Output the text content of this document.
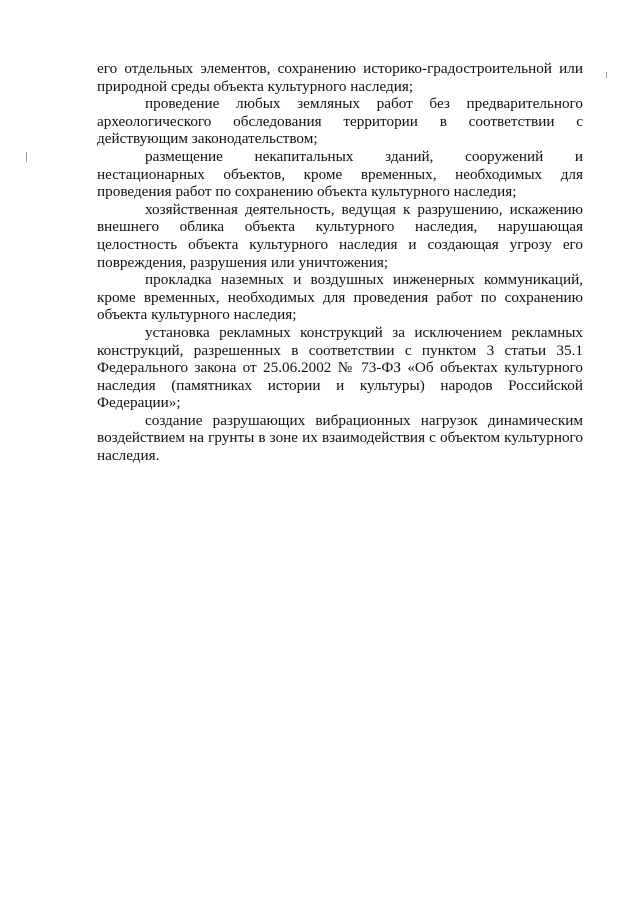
его отдельных элементов, сохранению историко-градостроительной или природной среды объекта культурного наследия;

проведение любых земляных работ без предварительного археологического обследования территории в соответствии с действующим законодательством;

размещение некапитальных зданий, сооружений и нестационарных объектов, кроме временных, необходимых для проведения работ по сохранению объекта культурного наследия;

хозяйственная деятельность, ведущая к разрушению, искажению внешнего облика объекта культурного наследия, нарушающая целостность объекта культурного наследия и создающая угрозу его повреждения, разрушения или уничтожения;

прокладка наземных и воздушных инженерных коммуникаций, кроме временных, необходимых для проведения работ по сохранению объекта культурного наследия;

установка рекламных конструкций за исключением рекламных конструкций, разрешенных в соответствии с пунктом 3 статьи 35.1 Федерального закона от 25.06.2002 № 73-ФЗ «Об объектах культурного наследия (памятниках истории и культуры) народов Российской Федерации»;

создание разрушающих вибрационных нагрузок динамическим воздействием на грунты в зоне их взаимодействия с объектом культурного наследия.
